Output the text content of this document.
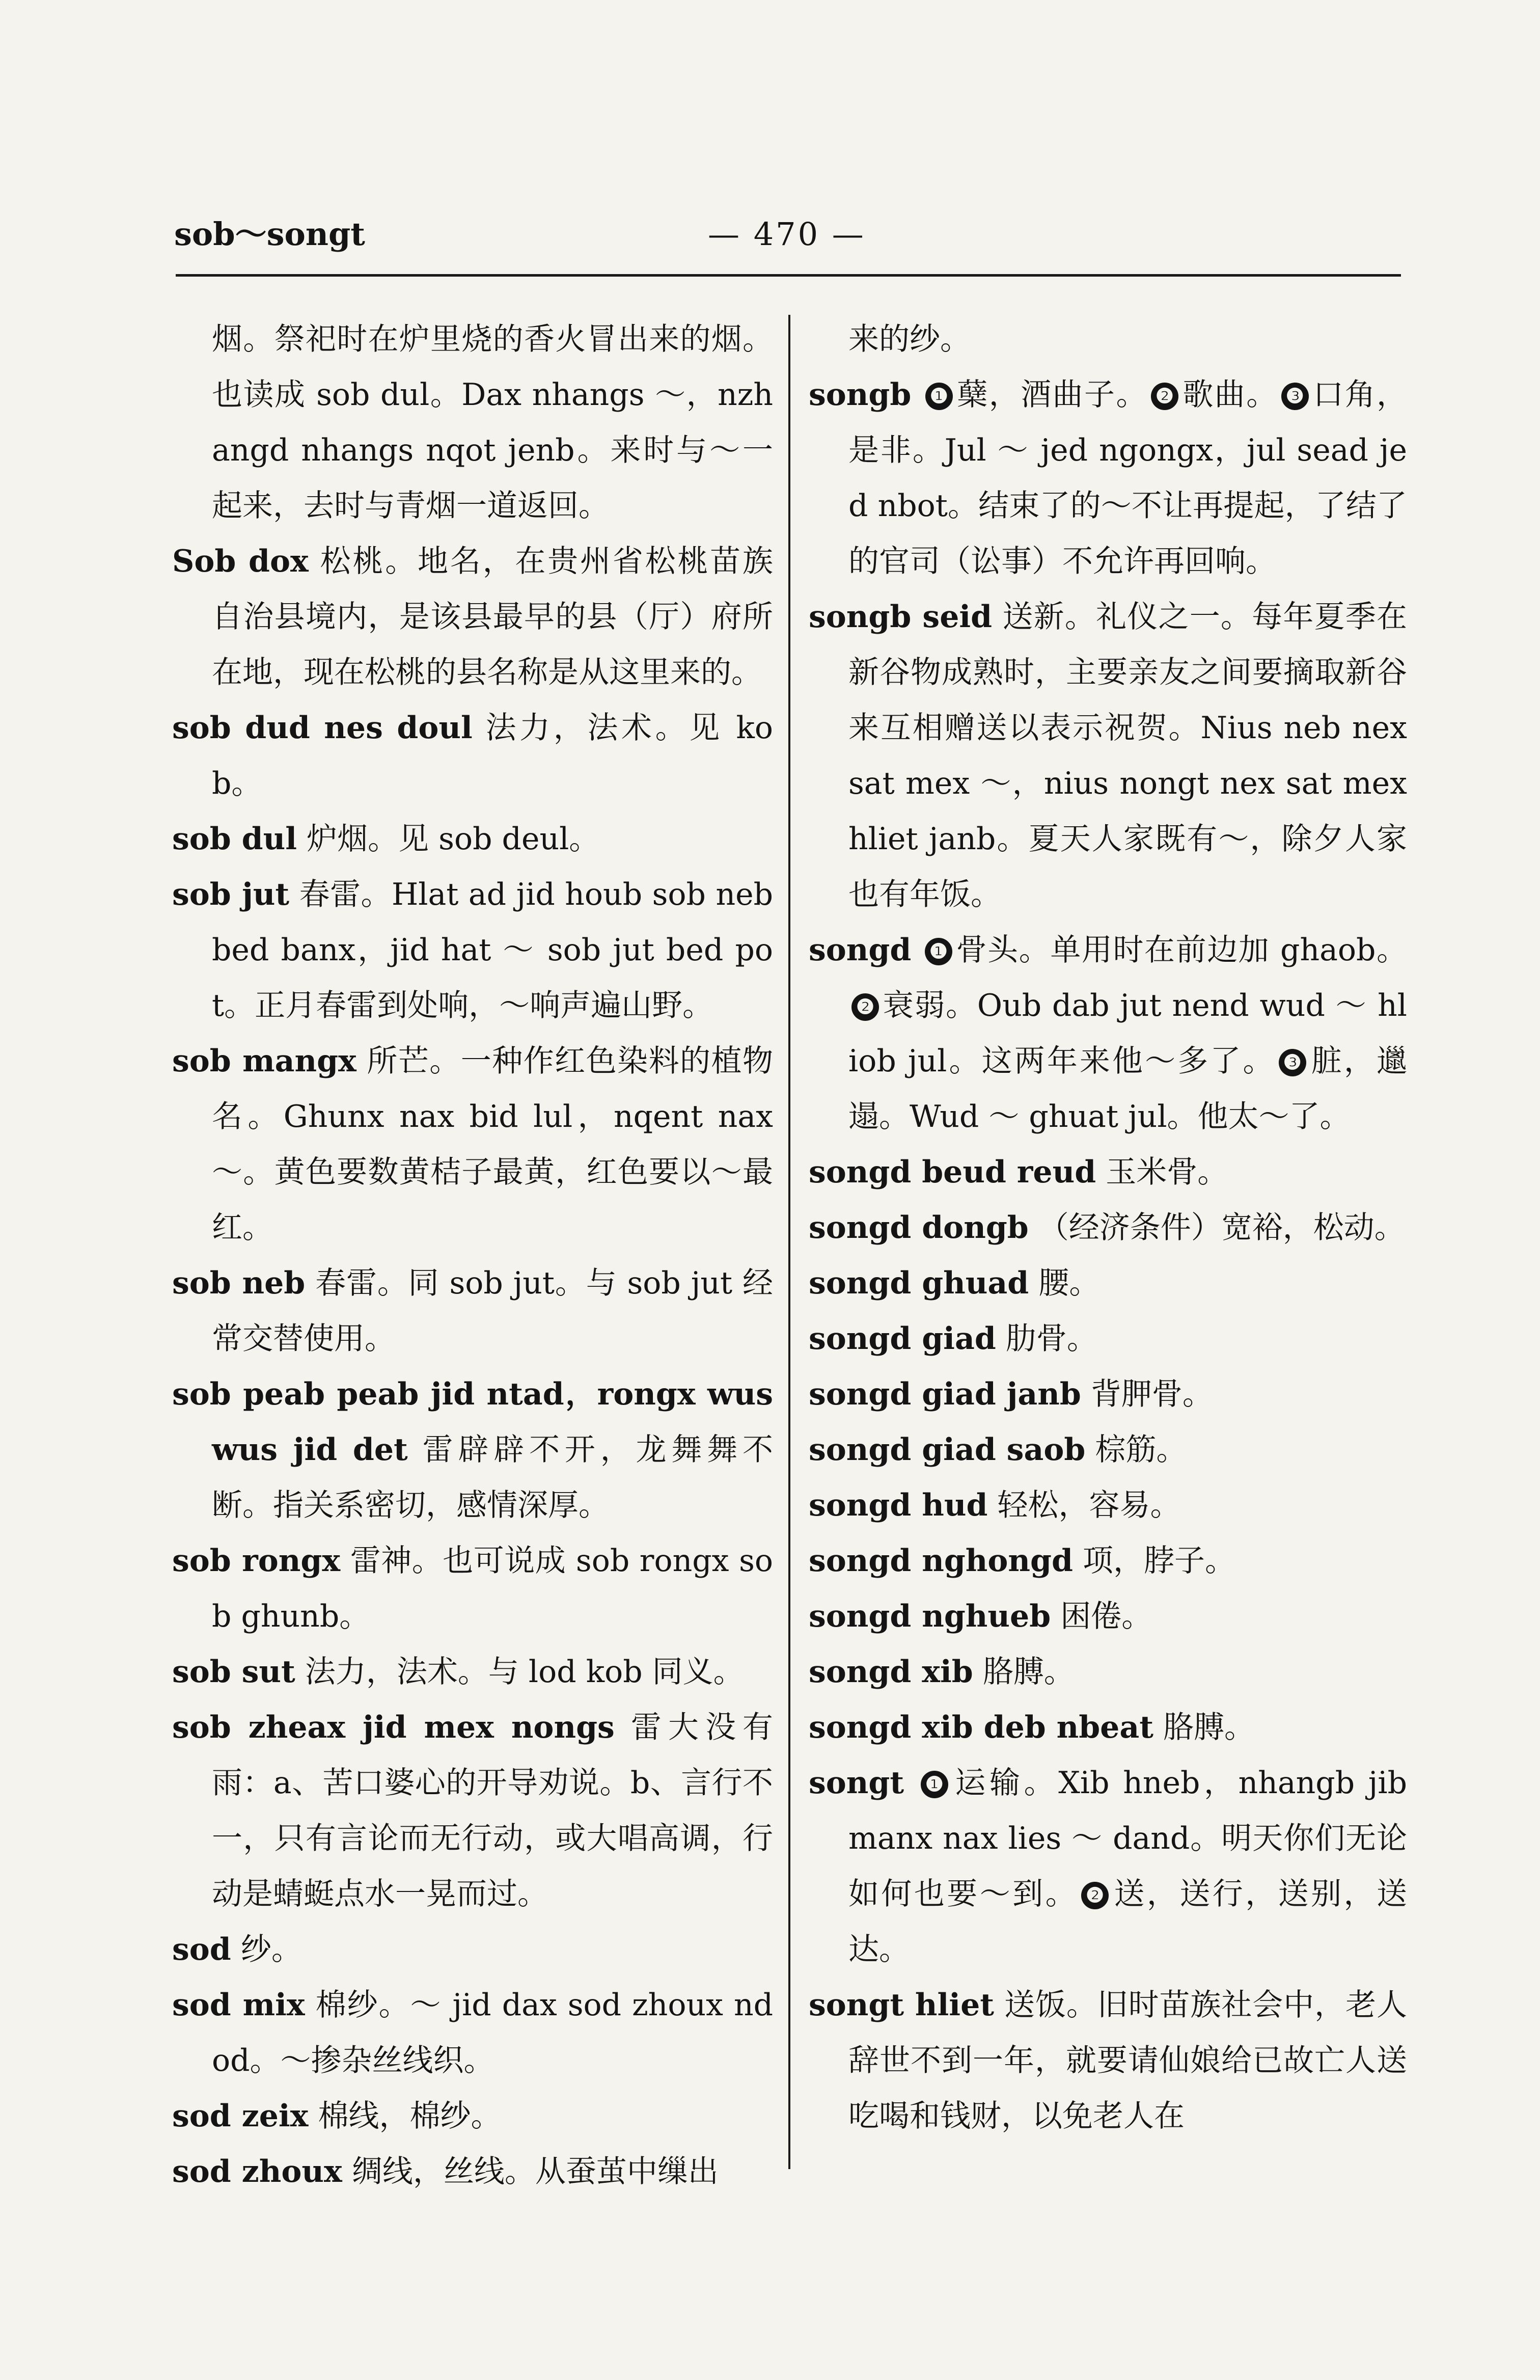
sob～songt	— 470 —

烟。祭祀时在炉里烧的香火冒出来的烟。也读成 sob dul。Dax nhangs ～，nzhangd nhangs nqot jenb。来时与～一起来，去时与青烟一道返回。

Sob dox 松桃。地名，在贵州省松桃苗族自治县境内，是该县最早的县（厅）府所在地，现在松桃的县名称是从这里来的。

sob dud nes doul 法力，法术。见 kob。

sob dul 炉烟。见 sob deul。

sob jut 春雷。Hlat ad jid houb sob neb bed banx，jid hat ～ sob jut bed pot。正月春雷到处响，～响声遍山野。

sob mangx 所芒。一种作红色染料的植物名。Ghunx nax bid lul，nqent nax ～。黄色要数黄桔子最黄，红色要以～最红。

sob neb 春雷。同 sob jut。与 sob jut 经常交替使用。

sob peab peab jid ntad，rongx wus wus jid det 雷辟辟不开，龙舞舞不断。指关系密切，感情深厚。

sob rongx 雷神。也可说成 sob rongx sob ghunb。

sob sut 法力，法术。与 lod kob 同义。

sob zheax jid mex nongs 雷大没有雨：a、苦口婆心的开导劝说。b、言行不一，只有言论而无行动，或大唱高调，行动是蜻蜓点水一晃而过。

sod 纱。

sod mix 棉纱。～ jid dax sod zhoux ndod。～掺杂丝线织。

sod zeix 棉线，棉纱。

sod zhoux 绸线，丝线。从蚕茧中缫出

来的纱。

songb ❶ 蘖，酒曲子。 ❷ 歌曲。 ❸ 口角，是非。Jul ～ jed ngongx，jul sead jed nbot。结束了的～不让再提起，了结了的官司（讼事）不允许再回响。

songb seid 送新。礼仪之一。每年夏季在新谷物成熟时，主要亲友之间要摘取新谷来互相赠送以表示祝贺。Nius neb nex sat mex ～，nius nongt nex sat mex hliet janb。夏天人家既有～，除夕人家也有年饭。

songd ❶ 骨头。单用时在前边加 ghaob。❷ 衰弱。Oub dab jut nend wud ～ hliob jul。这两年来他～多了。 ❸ 脏，邋遢。Wud ～ ghuat jul。他太～了。

songd beud reud 玉米骨。

songd dongb （经济条件）宽裕，松动。

songd ghuad 腰。

songd giad 肋骨。

songd giad janb 背胛骨。

songd giad saob 棕筋。

songd hud 轻松，容易。

songd nghongd 项，脖子。

songd nghueb 困倦。

songd xib 胳膊。

songd xib deb nbeat 胳膊。

songt ❶ 运输。Xib hneb，nhangb jib manx nax lies ～ dand。明天你们无论如何也要～到。 ❷ 送，送行，送别，送达。

songt hliet 送饭。旧时苗族社会中，老人辞世不到一年，就要请仙娘给已故亡人送吃喝和钱财，以免老人在
